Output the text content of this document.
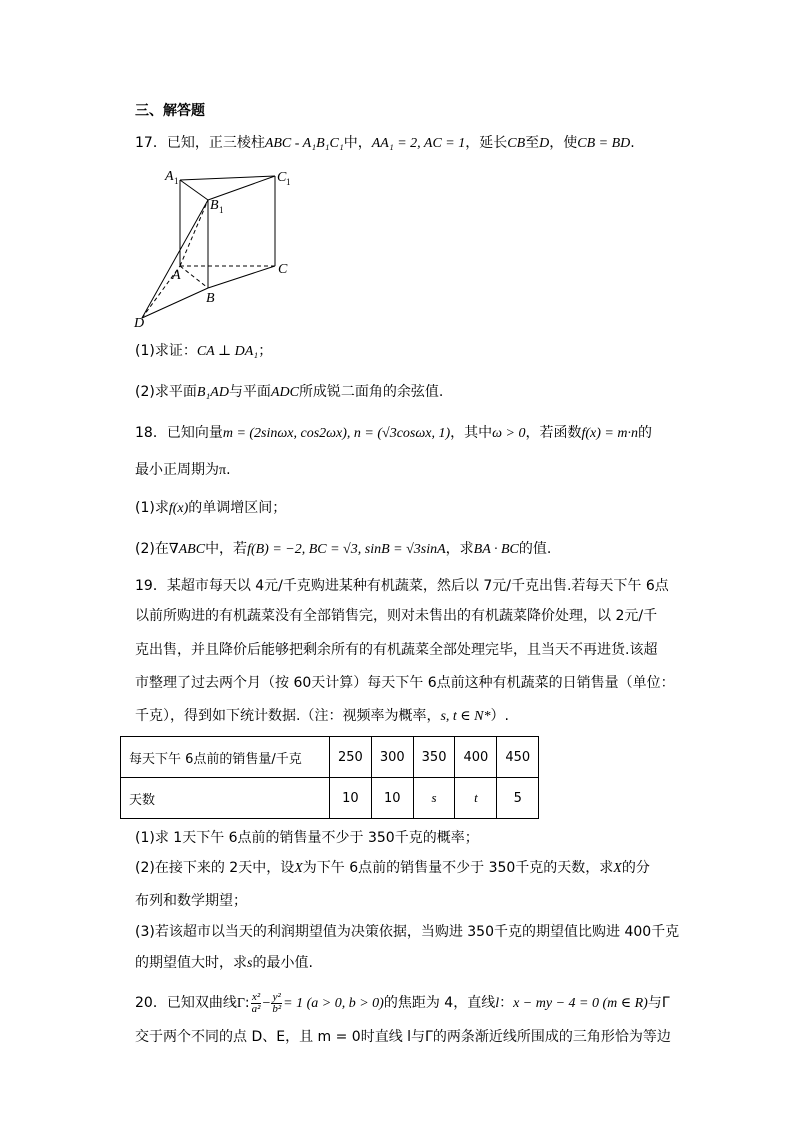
三、解答题
17．已知，正三棱柱ABC - A₁B₁C₁中，AA₁ = 2, AC = 1，延长CB至D，使CB = BD.
A 1	C 1
B 1
A
B
C
D
(1)求证：CA ⊥ DA₁；
(2)求平面B₁AD与平面ADC所成锐二面角的余弦值.
18．已知向量m = (2sinωx, cos2ωx), n = (√3cosωx, 1)，其中ω > 0，若函数f(x) = m·n的
最小正周期为π.
(1)求f(x)的单调增区间；
(2)在∇ABC中，若f(B) = −2, BC = √3, sinB = √3sinA，求BA · BC的值.
19．某超市每天以 4元/千克购进某种有机蔬菜，然后以 7元/千克出售.若每天下午 6点
以前所购进的有机蔬菜没有全部销售完，则对未售出的有机蔬菜降价处理，以 2元/千
克出售，并且降价后能够把剩余所有的有机蔬菜全部处理完毕，且当天不再进货.该超
市整理了过去两个月（按 60天计算）每天下午 6点前这种有机蔬菜的日销售量（单位：
千克），得到如下统计数据.（注：视频率为概率，s, t ∈ N*）.
每天下午 6点前的销售量/千克	250	300	350	400	450
天数	10	10	s	t	5
(1)求 1天下午 6点前的销售量不少于 350千克的概率；
(2)在接下来的 2天中，设X为下午 6点前的销售量不少于 350千克的天数，求X的分
布列和数学期望；
(3)若该超市以当天的利润期望值为决策依据，当购进 350千克的期望值比购进 400千克
的期望值大时，求s的最小值.
20．已知双曲线Γ: $\frac{\text{x²}}{\text{a²}} - \frac{\text{y²}}{\text{b²}} = 1$ (a > 0, b > 0)的焦距为 4，直线l：x − my − 4 = 0 (m ∈ R)与Γ
交于两个不同的点 D、E，且 m = 0时直线 l与Γ的两条渐近线所围成的三角形恰为等边
